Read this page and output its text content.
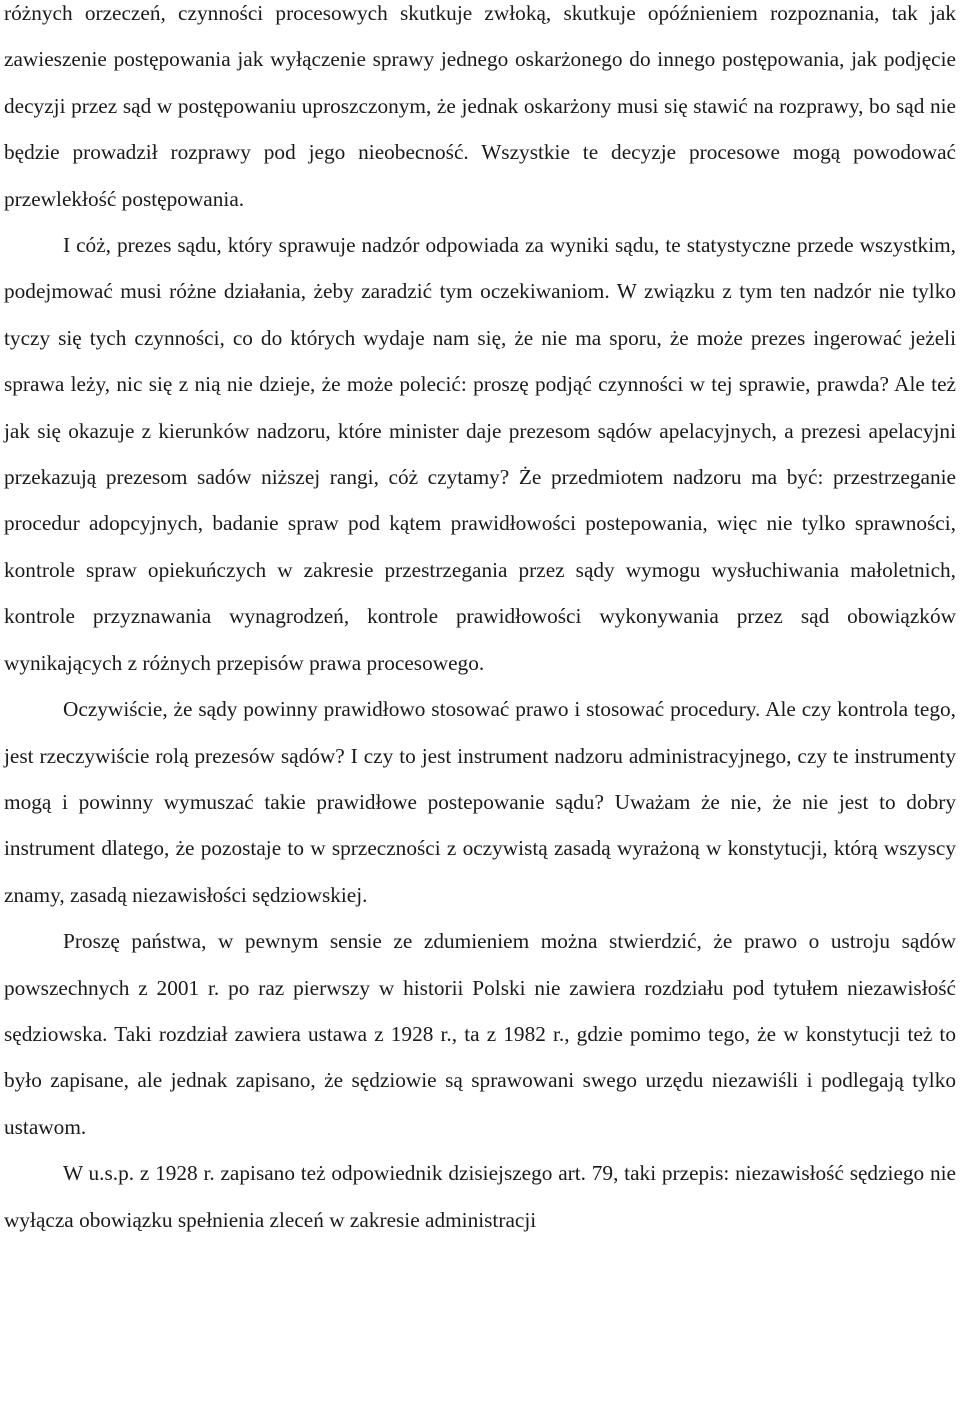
różnych orzeczeń, czynności procesowych skutkuje zwłoką, skutkuje opóźnieniem rozpoznania, tak jak zawieszenie postępowania jak wyłączenie sprawy jednego oskarżonego do innego postępowania, jak podjęcie decyzji przez sąd w postępowaniu uproszczonym, że jednak oskarżony musi się stawić na rozprawy, bo sąd nie będzie prowadził rozprawy pod jego nieobecność. Wszystkie te decyzje procesowe mogą powodować przewlekłość postępowania.

I cóż, prezes sądu, który sprawuje nadzór odpowiada za wyniki sądu, te statystyczne przede wszystkim, podejmować musi różne działania, żeby zaradzić tym oczekiwaniom. W związku z tym ten nadzór nie tylko tyczy się tych czynności, co do których wydaje nam się, że nie ma sporu, że może prezes ingerować jeżeli sprawa leży, nic się z nią nie dzieje, że może polecić: proszę podjąć czynności w tej sprawie, prawda? Ale też jak się okazuje z kierunków nadzoru, które minister daje prezesom sądów apelacyjnych, a prezesi apelacyjni przekazują prezesom sadów niższej rangi, cóż czytamy? Że przedmiotem nadzoru ma być: przestrzeganie procedur adopcyjnych, badanie spraw pod kątem prawidłowości postepowania, więc nie tylko sprawności, kontrole spraw opiekuńczych w zakresie przestrzegania przez sądy wymogu wysłuchiwania małoletnich, kontrole przyznawania wynagrodzeń, kontrole prawidłowości wykonywania przez sąd obowiązków wynikających z różnych przepisów prawa procesowego.

Oczywiście, że sądy powinny prawidłowo stosować prawo i stosować procedury. Ale czy kontrola tego, jest rzeczywiście rolą prezesów sądów? I czy to jest instrument nadzoru administracyjnego, czy te instrumenty mogą i powinny wymuszać takie prawidłowe postepowanie sądu? Uważam że nie, że nie jest to dobry instrument dlatego, że pozostaje to w sprzeczności z oczywistą zasadą wyrażoną w konstytucji, którą wszyscy znamy, zasadą niezawisłości sędziowskiej.

Proszę państwa, w pewnym sensie ze zdumieniem można stwierdzić, że prawo o ustroju sądów powszechnych z 2001 r. po raz pierwszy w historii Polski nie zawiera rozdziału pod tytułem niezawisłość sędziowska. Taki rozdział zawiera ustawa z 1928 r., ta z 1982 r., gdzie pomimo tego, że w konstytucji też to było zapisane, ale jednak zapisano, że sędziowie są sprawowani swego urzędu niezawiśli i podlegają tylko ustawom.

W u.s.p. z 1928 r. zapisano też odpowiednik dzisiejszego art. 79, taki przepis: niezawisłość sędziego nie wyłącza obowiązku spełnienia zleceń w zakresie administracji
